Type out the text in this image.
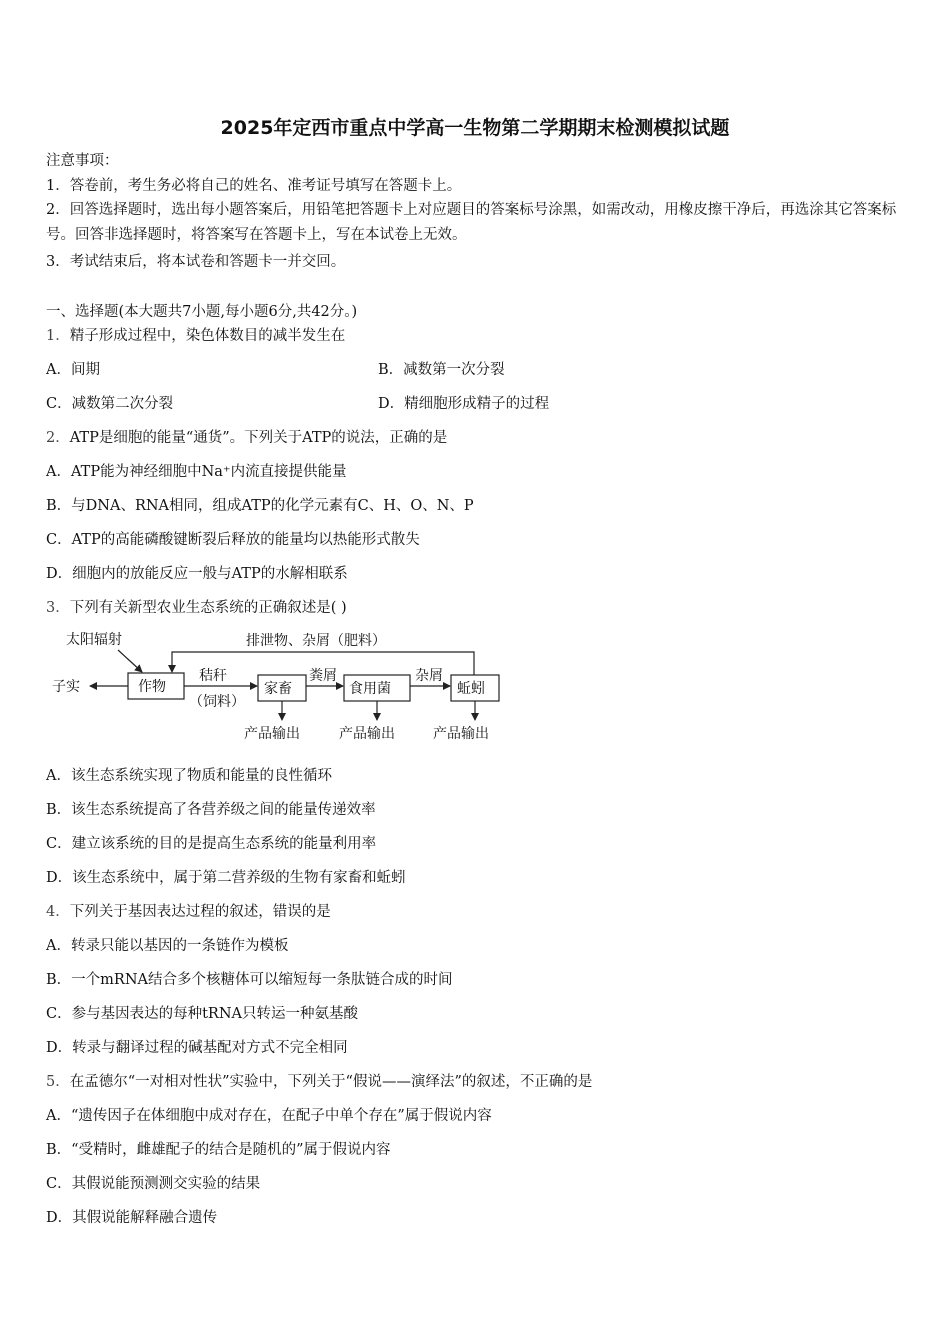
2025年定西市重点中学高一生物第二学期期末检测模拟试题
注意事项：
1．答卷前，考生务必将自己的姓名、准考证号填写在答题卡上。
2．回答选择题时，选出每小题答案后，用铅笔把答题卡上对应题目的答案标号涂黑，如需改动，用橡皮擦干净后，再选涂其它答案标号。回答非选择题时，将答案写在答题卡上，写在本试卷上无效。
3．考试结束后，将本试卷和答题卡一并交回。
一、选择题(本大题共7小题,每小题6分,共42分。)
1．精子形成过程中，染色体数目的减半发生在
A．间期	B．减数第一次分裂
C．减数第二次分裂	D．精细胞形成精子的过程
2．ATP是细胞的能量“通货”。下列关于ATP的说法，正确的是
A．ATP能为神经细胞中Na⁺内流直接提供能量
B．与DNA、RNA相同，组成ATP的化学元素有C、H、O、N、P
C．ATP的高能磷酸键断裂后释放的能量均以热能形式散失
D．细胞内的放能反应一般与ATP的水解相联系
3．下列有关新型农业生态系统的正确叙述是( )
太阳辐射	排泄物、杂屑（肥料）
子实	作物
秸秆
（饲料）
家畜
粪屑
食用菌
杂屑
蚯蚓
产品输出	产品输出	产品输出
A．该生态系统实现了物质和能量的良性循环
B．该生态系统提高了各营养级之间的能量传递效率
C．建立该系统的目的是提高生态系统的能量利用率
D．该生态系统中，属于第二营养级的生物有家畜和蚯蚓
4．下列关于基因表达过程的叙述，错误的是
A．转录只能以基因的一条链作为模板
B．一个mRNA结合多个核糖体可以缩短每一条肽链合成的时间
C．参与基因表达的每种tRNA只转运一种氨基酸
D．转录与翻译过程的碱基配对方式不完全相同
5．在孟德尔“一对相对性状”实验中，下列关于“假说——演绎法”的叙述，不正确的是
A．“遗传因子在体细胞中成对存在，在配子中单个存在”属于假说内容
B．“受精时，雌雄配子的结合是随机的”属于假说内容
C．其假说能预测测交实验的结果
D．其假说能解释融合遗传
